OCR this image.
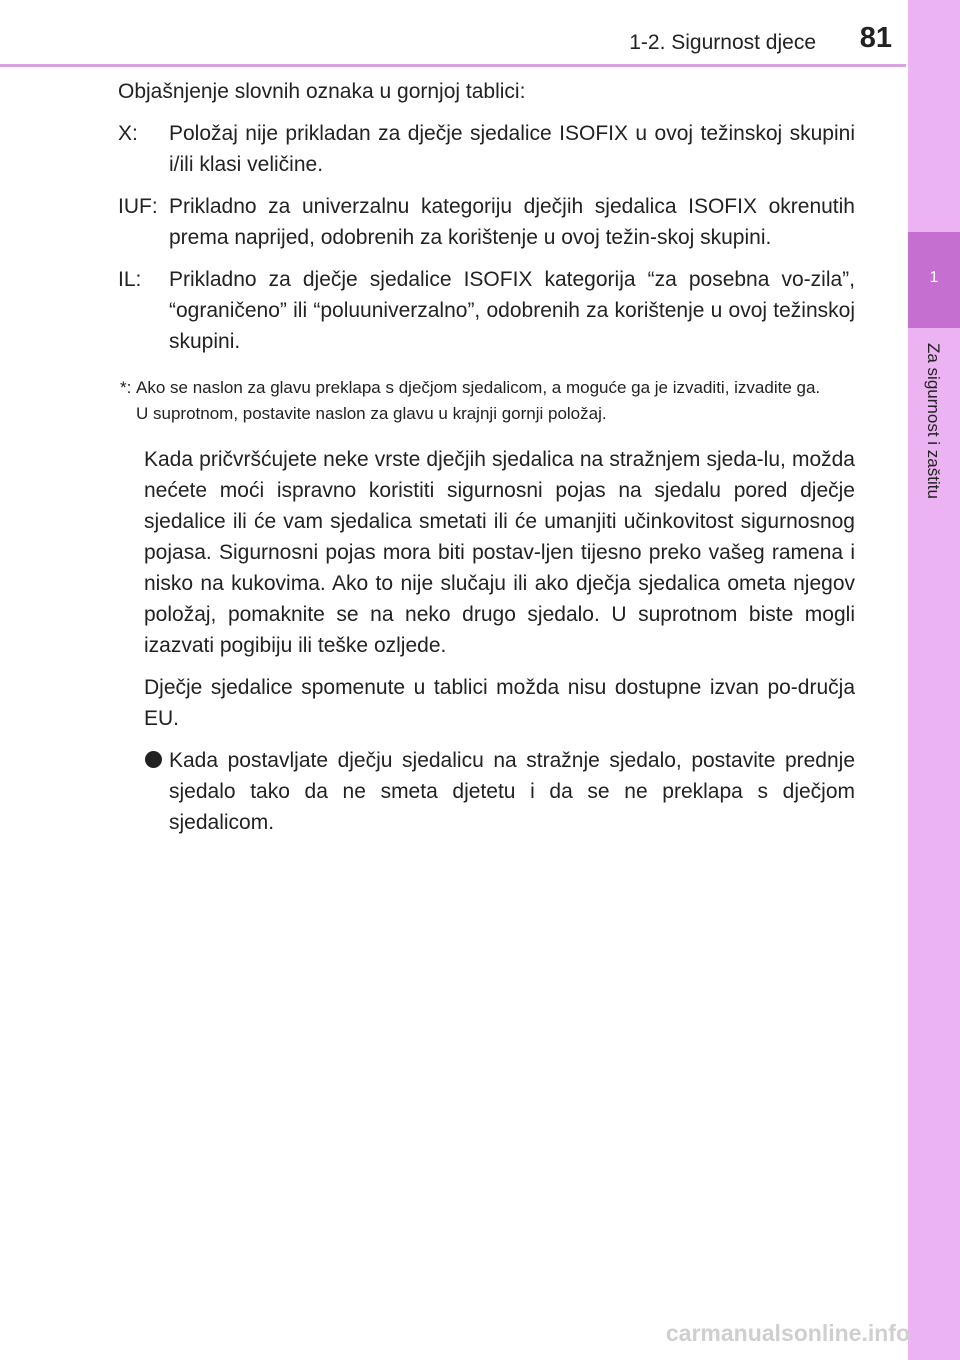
1
Za sigurnost i zaštitu
1-2. Sigurnost djece	81

Objašnjenje slovnih oznaka u gornjoj tablici:

X: Položaj nije prikladan za dječje sjedalice ISOFIX u ovoj težinskoj skupini i/ili klasi veličine.
IUF: Prikladno za univerzalnu kategoriju dječjih sjedalica ISOFIX okrenutih prema naprijed, odobrenih za korištenje u ovoj težin-skoj skupini.
IL: Prikladno za dječje sjedalice ISOFIX kategorija “za posebna vo-zila”, “ograničeno” ili “poluuniverzalno”, odobrenih za korištenje u ovoj težinskoj skupini.
*: Ako se naslon za glavu preklapa s dječjom sjedalicom, a moguće ga je izvaditi, izvadite ga.

U suprotnom, postavite naslon za glavu u krajnji gornji položaj.

Kada pričvršćujete neke vrste dječjih sjedalica na stražnjem sjeda-lu, možda nećete moći ispravno koristiti sigurnosni pojas na sjedalu pored dječje sjedalice ili će vam sjedalica smetati ili će umanjiti učinkovitost sigurnosnog pojasa. Sigurnosni pojas mora biti postav-ljen tijesno preko vašeg ramena i nisko na kukovima. Ako to nije slučaju ili ako dječja sjedalica ometa njegov položaj, pomaknite se na neko drugo sjedalo. U suprotnom biste mogli izazvati pogibiju ili teške ozljede.

Dječje sjedalice spomenute u tablici možda nisu dostupne izvan po-dručja EU.

Kada postavljate dječju sjedalicu na stražnje sjedalo, postavite prednje sjedalo tako da ne smeta djetetu i da se ne preklapa s dječjom sjedalicom.
carmanualsonline.info
